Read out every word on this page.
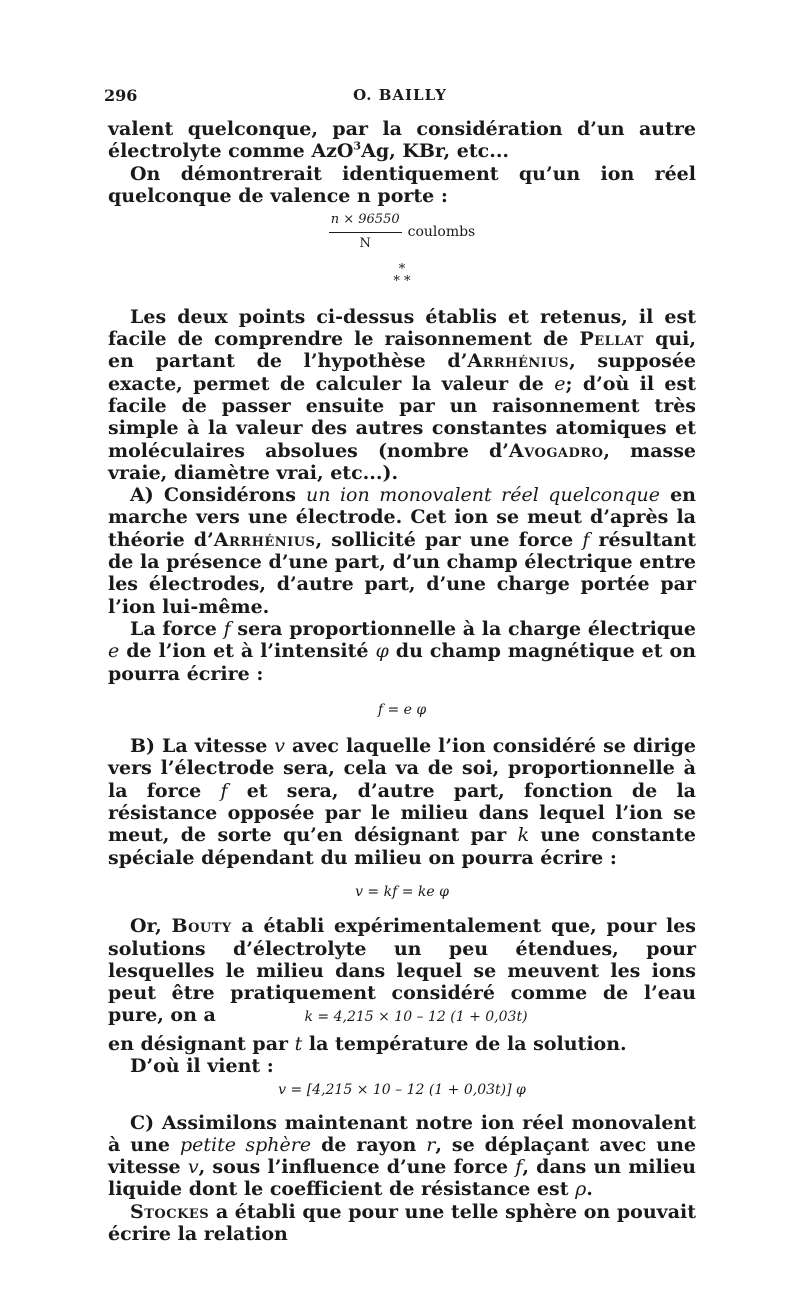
296	O. BAILLY

valent quelconque, par la considération d’un autre électrolyte comme AzO$^3$Ag, KBr, etc...

On démontrerait identiquement qu’un ion réel quelconque de valence n porte :

$\frac{n \times 96550}{N}$ coulombs
*
* *

Les deux points ci-dessus établis et retenus, il est facile de comprendre le raisonnement de Pellat qui, en partant de l’hypothèse d’Arrhénius, supposée exacte, permet de calculer la valeur de e; d’où il est facile de passer ensuite par un raisonnement très simple à la valeur des autres constantes atomiques et moléculaires absolues (nombre d’Avogadro, masse vraie, diamètre vrai, etc...).

A) Considérons un ion monovalent réel quelconque en marche vers une électrode. Cet ion se meut d’après la théorie d’Arrhénius, sollicité par une force f résultant de la présence d’une part, d’un champ électrique entre les électrodes, d’autre part, d’une charge portée par l’ion lui-même.

La force f sera proportionnelle à la charge électrique e de l’ion et à l’intensité φ du champ magnétique et on pourra écrire :

f = e φ

B) La vitesse v avec laquelle l’ion considéré se dirige vers l’électrode sera, cela va de soi, proportionnelle à la force f et sera, d’autre part, fonction de la résistance opposée par le milieu dans lequel l’ion se meut, de sorte qu’en désignant par k une constante spéciale dépendant du milieu on pourra écrire :

v = kf = ke φ

Or, Bouty a établi expérimentalement que, pour les solutions d’électrolyte un peu étendues, pour lesquelles le milieu dans lequel se meuvent les ions peut être pratiquement considéré comme de l’eau pure, on a	k = 4,215 × 10 – 12 (1 + 0,03t)

en désignant par t la température de la solution.

D’où il vient :

v = [4,215 × 10 – 12 (1 + 0,03t)] φ

C) Assimilons maintenant notre ion réel monovalent à une petite sphère de rayon r, se déplaçant avec une vitesse v, sous l’influence d’une force f, dans un milieu liquide dont le coefficient de résistance est ρ.

Stockes a établi que pour une telle sphère on pouvait écrire la relation
